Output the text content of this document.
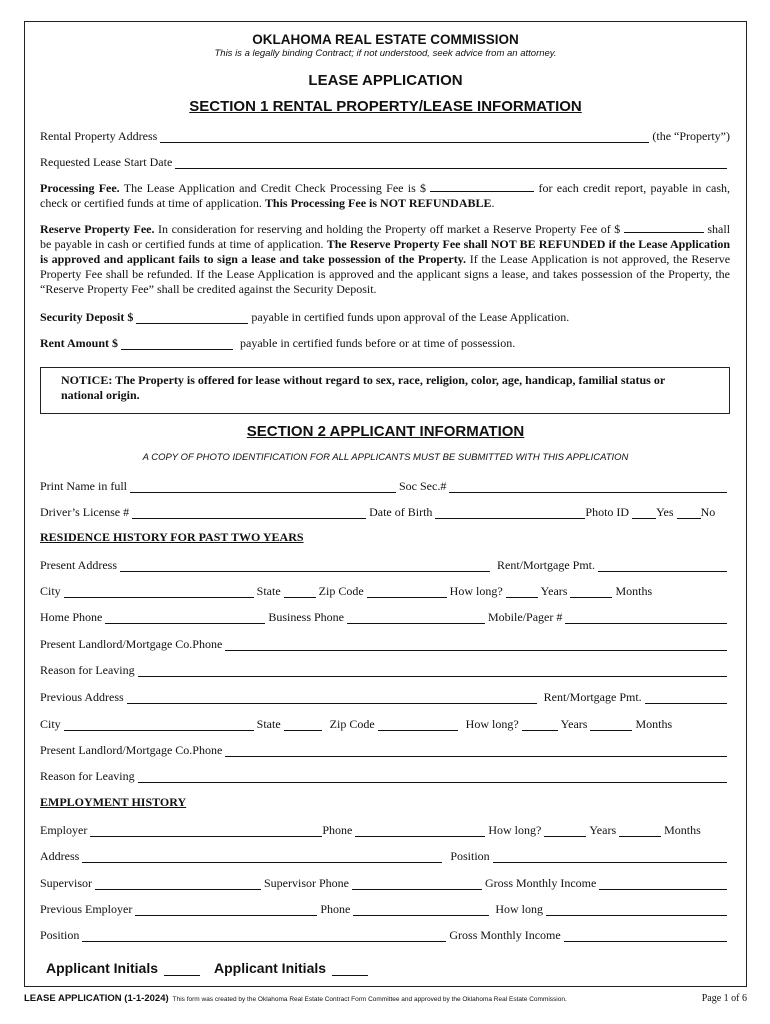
OKLAHOMA REAL ESTATE COMMISSION
This is a legally binding Contract; if not understood, seek advice from an attorney.
LEASE APPLICATION
SECTION 1 RENTAL PROPERTY/LEASE INFORMATION
Rental Property Address	(the “Property”)
Requested Lease Start Date
Processing Fee. The Lease Application and Credit Check Processing Fee is $	for each credit report, payable in cash, check or certified funds at time of application. This Processing Fee is NOT REFUNDABLE.
Reserve Property Fee. In consideration for reserving and holding the Property off market a Reserve Property Fee of $	shall be payable in cash or certified funds at time of application. The Reserve Property Fee shall NOT BE REFUNDED if the Lease Application is approved and applicant fails to sign a lease and take possession of the Property. If the Lease Application is not approved, the Reserve Property Fee shall be refunded. If the Lease Application is approved and the applicant signs a lease, and takes possession of the Property, the “Reserve Property Fee” shall be credited against the Security Deposit.
Security Deposit $	payable in certified funds upon approval of the Lease Application.
Rent Amount $	payable in certified funds before or at time of possession.
NOTICE: The Property is offered for lease without regard to sex, race, religion, color, age, handicap, familial status or national origin.
SECTION 2 APPLICANT INFORMATION
A COPY OF PHOTO IDENTIFICATION FOR ALL APPLICANTS MUST BE SUBMITTED WITH THIS APPLICATION
Print Name in full	Soc Sec.#
Driver’s License #	Date of Birth	Photo ID Yes No
RESIDENCE HISTORY FOR PAST TWO YEARS
Present Address	Rent/Mortgage Pmt.
City	State	Zip Code	How long?	Years	Months
Home Phone	Business Phone	Mobile/Pager #
Present Landlord/Mortgage Co.Phone
Reason for Leaving
Previous Address	Rent/Mortgage Pmt.
City	State	Zip Code	How long?	Years	Months
Present Landlord/Mortgage Co.Phone
Reason for Leaving
EMPLOYMENT HISTORY
Employer	Phone	How long?	Years	Months
Address	Position
Supervisor	Supervisor Phone	Gross Monthly Income
Previous Employer	Phone	How long
Position	Gross Monthly Income
Applicant Initials	Applicant Initials
LEASE APPLICATION (1-1-2024) This form was created by the Oklahoma Real Estate Contract Form Committee and approved by the Oklahoma Real Estate Commission.	Page 1 of 6
